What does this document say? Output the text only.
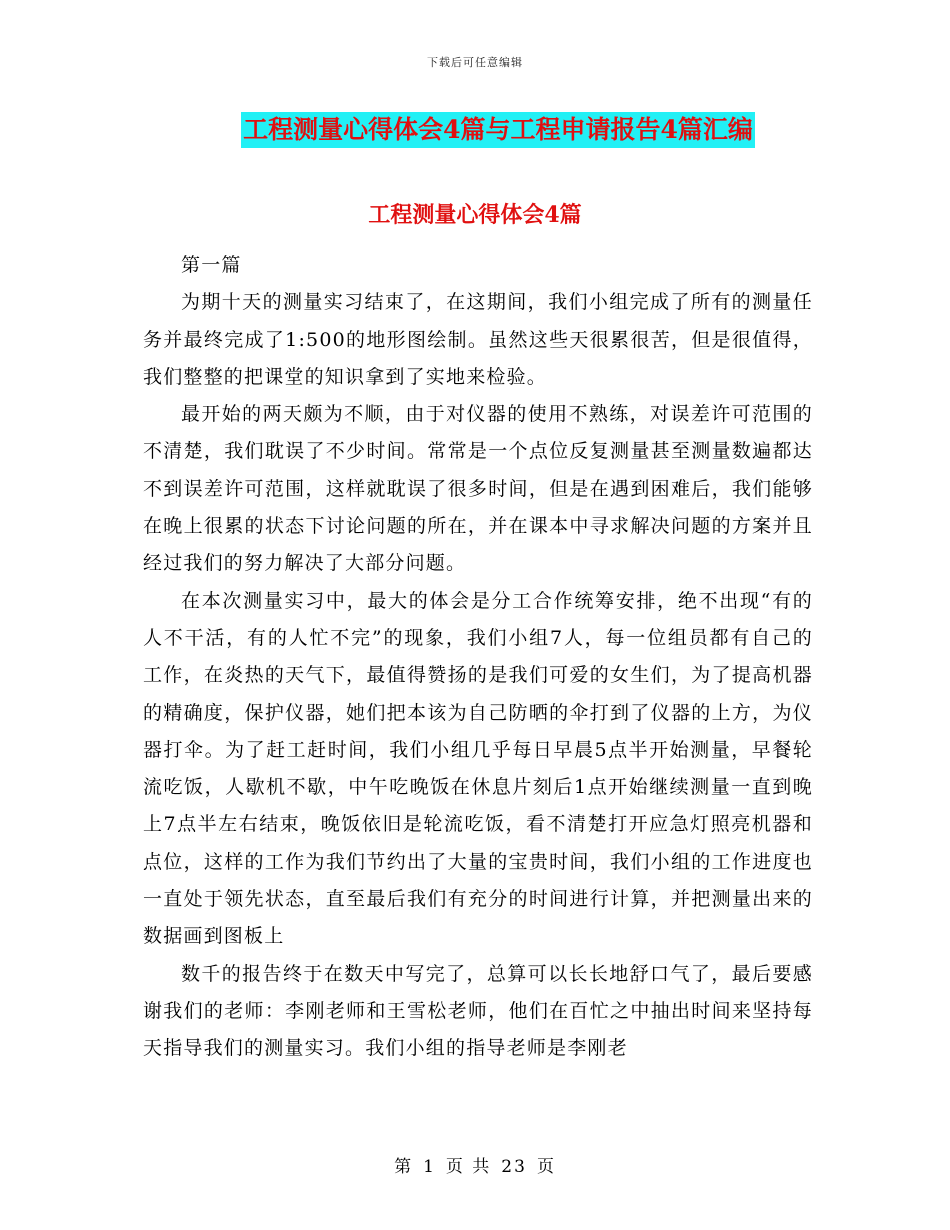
下载后可任意编辑
工程测量心得体会4篇与工程申请报告4篇汇编
工程测量心得体会4篇

第一篇

为期十天的测量实习结束了，在这期间，我们小组完成了所有的测量任务并最终完成了1:500的地形图绘制。虽然这些天很累很苦，但是很值得，我们整整的把课堂的知识拿到了实地来检验。

最开始的两天颇为不顺，由于对仪器的使用不熟练，对误差许可范围的不清楚，我们耽误了不少时间。常常是一个点位反复测量甚至测量数遍都达不到误差许可范围，这样就耽误了很多时间，但是在遇到困难后，我们能够在晚上很累的状态下讨论问题的所在，并在课本中寻求解决问题的方案并且经过我们的努力解决了大部分问题。

在本次测量实习中，最大的体会是分工合作统筹安排，绝不出现“有的人不干活，有的人忙不完”的现象，我们小组7人，每一位组员都有自己的工作，在炎热的天气下，最值得赞扬的是我们可爱的女生们，为了提高机器的精确度，保护仪器，她们把本该为自己防晒的伞打到了仪器的上方，为仪器打伞。为了赶工赶时间，我们小组几乎每日早晨5点半开始测量，早餐轮流吃饭，人歇机不歇，中午吃晚饭在休息片刻后1点开始继续测量一直到晚上7点半左右结束，晚饭依旧是轮流吃饭，看不清楚打开应急灯照亮机器和点位，这样的工作为我们节约出了大量的宝贵时间，我们小组的工作进度也一直处于领先状态，直至最后我们有充分的时间进行计算，并把测量出来的数据画到图板上

数千的报告终于在数天中写完了，总算可以长长地舒口气了，最后要感谢我们的老师：李刚老师和王雪松老师，他们在百忙之中抽出时间来坚持每天指导我们的测量实习。我们小组的指导老师是李刚老

第 1 页 共 23 页
